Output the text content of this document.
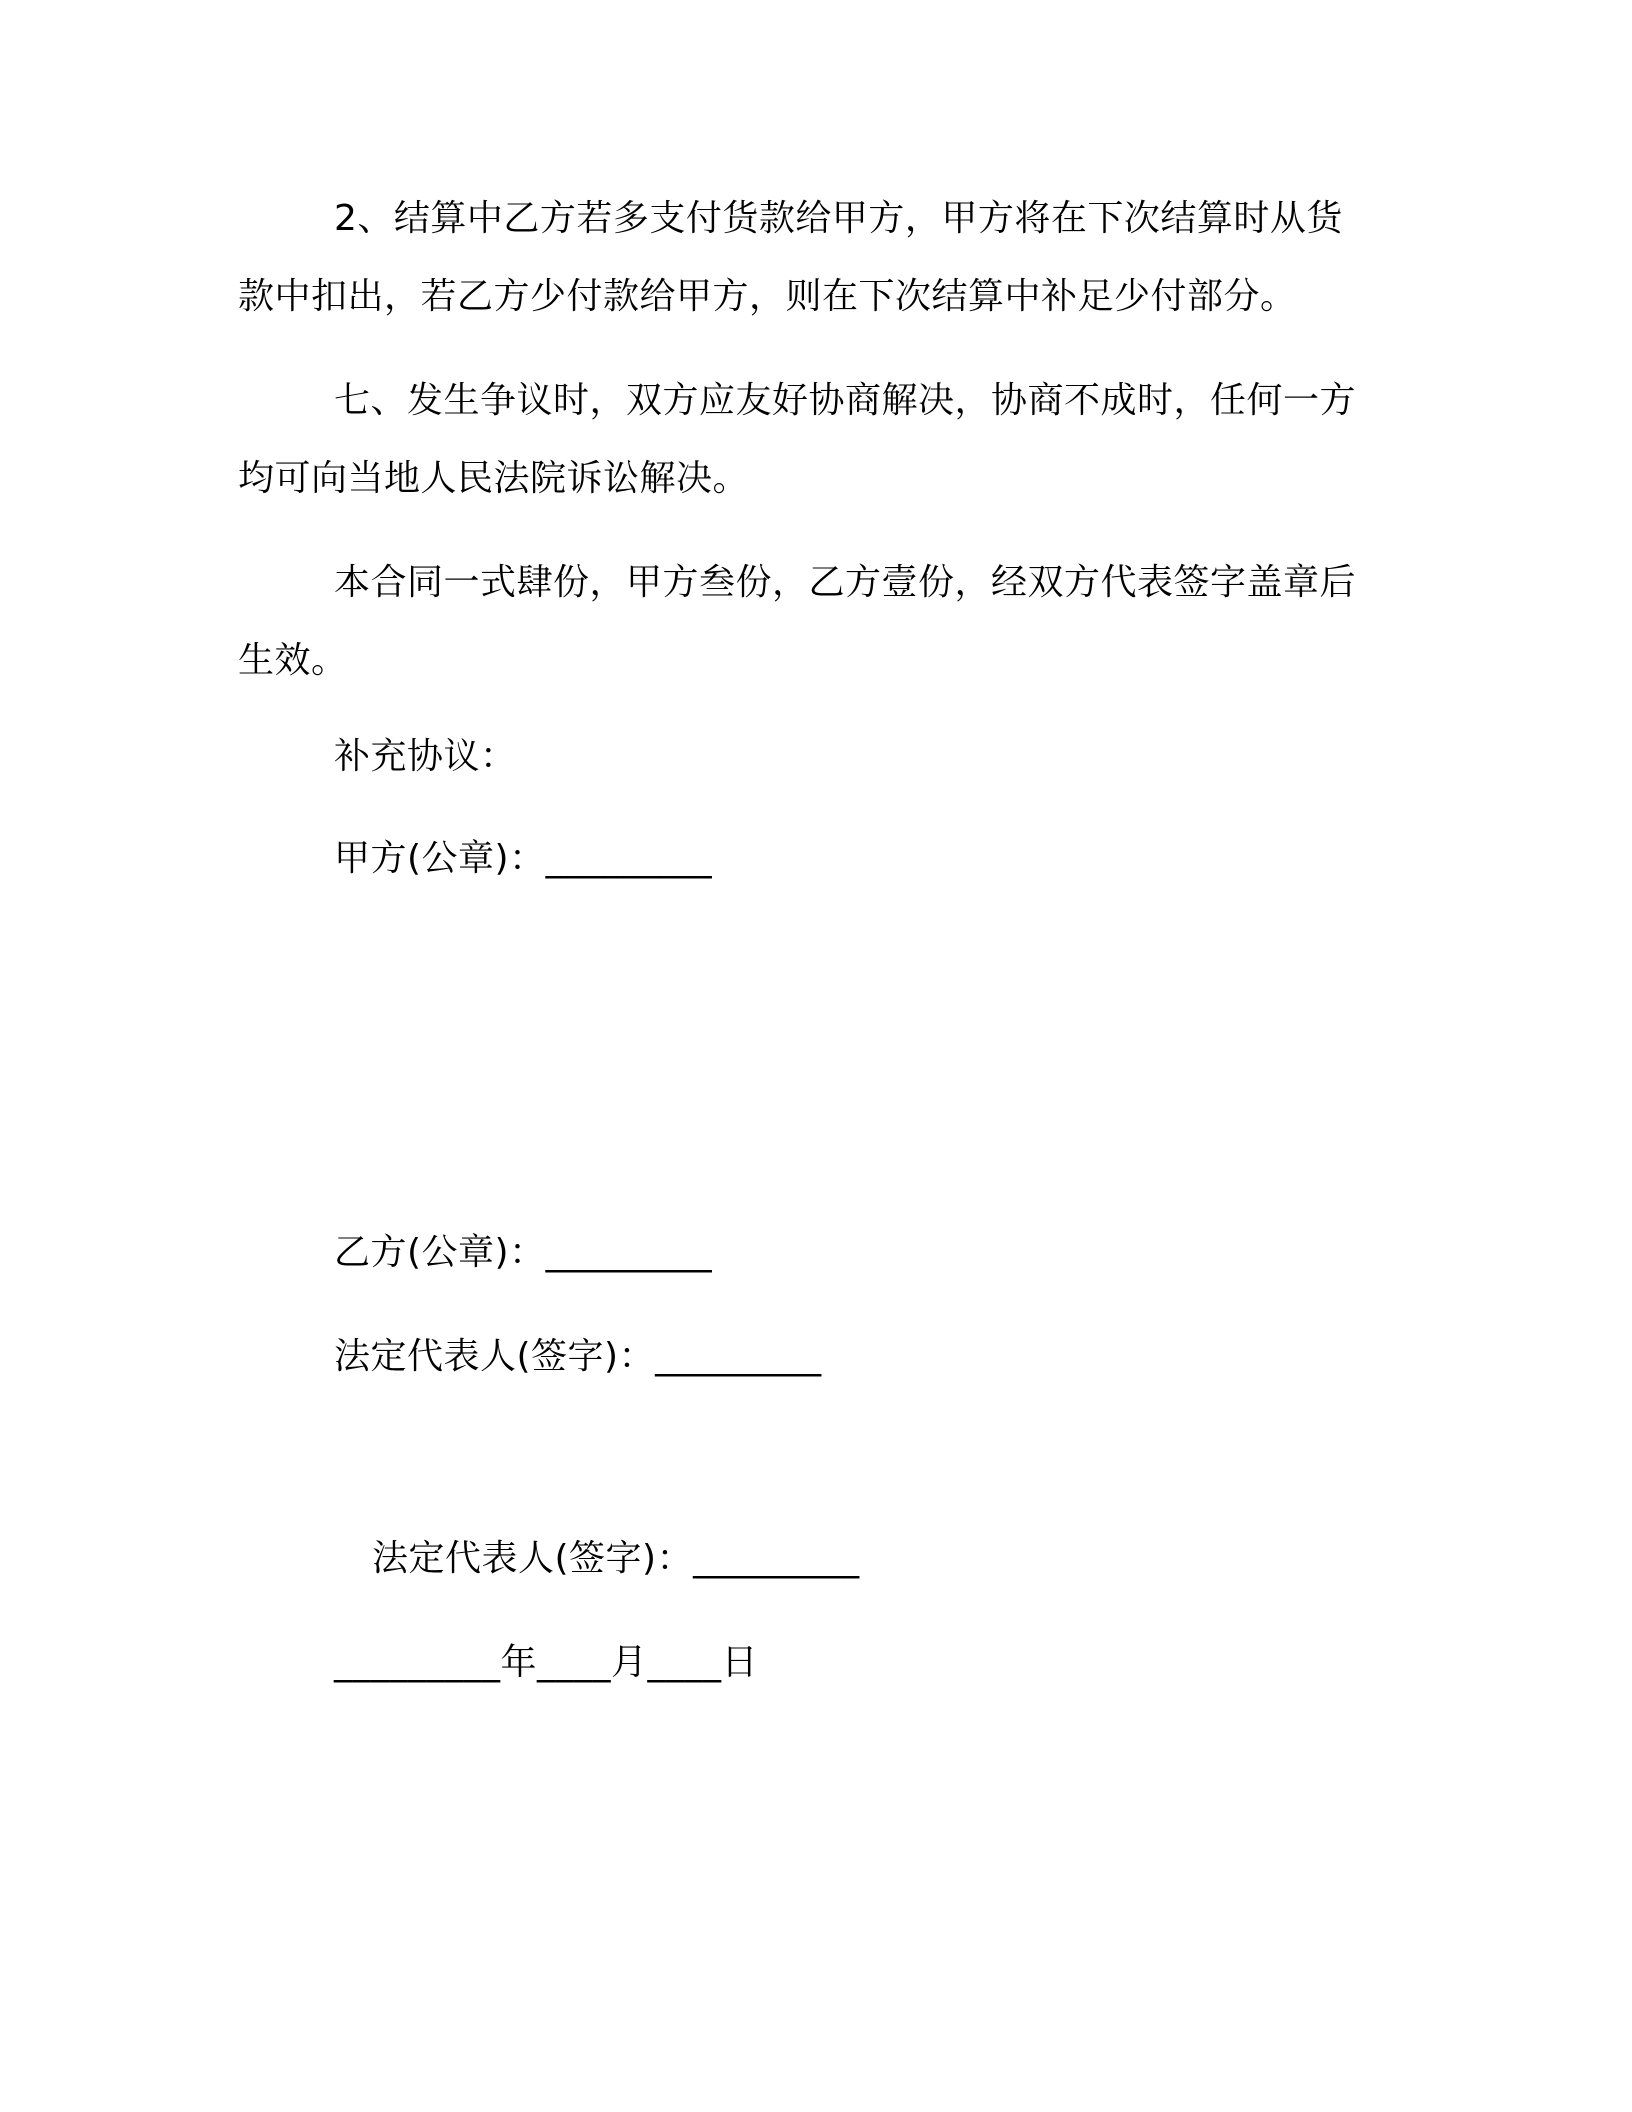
2、结算中乙方若多支付货款给甲方，甲方将在下次结算时从货款中扣出，若乙方少付款给甲方，则在下次结算中补足少付部分。

七、发生争议时，双方应友好协商解决，协商不成时，任何一方均可向当地人民法院诉讼解决。

本合同一式肆份，甲方叁份，乙方壹份，经双方代表签字盖章后生效。

补充协议：
甲方(公章)：_________
乙方(公章)：_________
法定代表人(签字)：_________
法定代表人(签字)：_________
_________年____月____日
